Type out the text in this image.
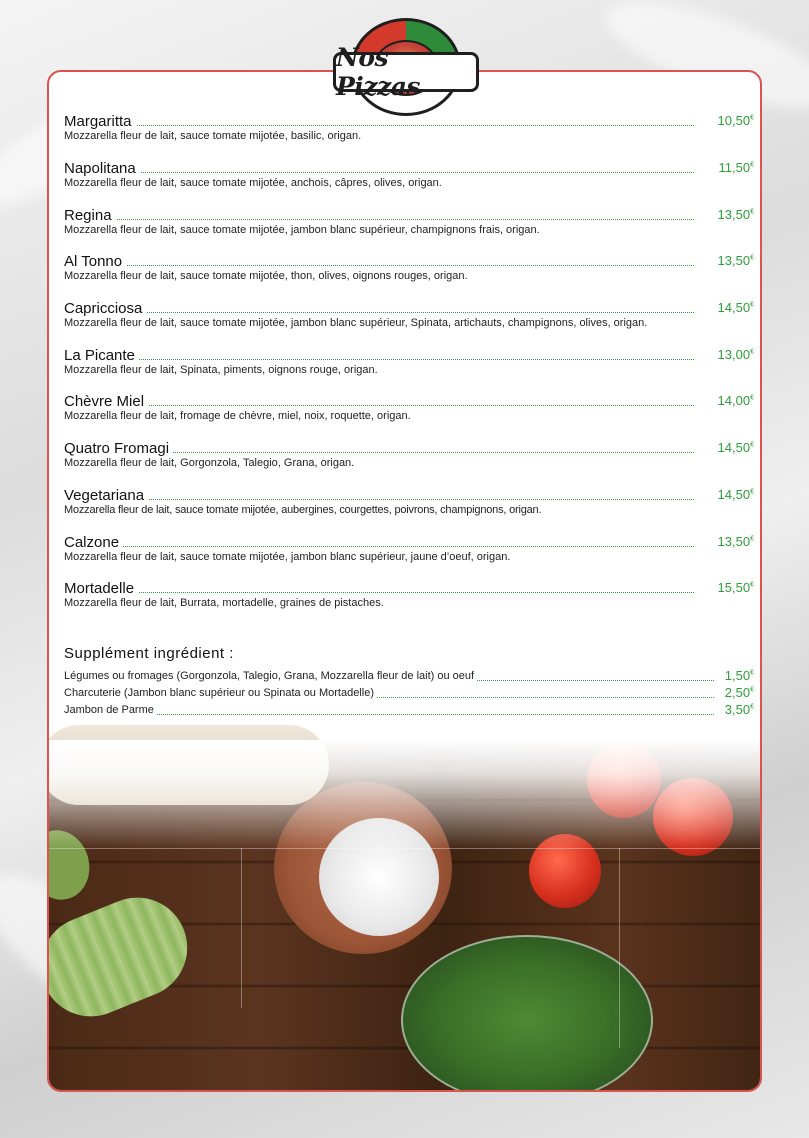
Nos Pizzas
Margaritta	10,50€
Mozzarella fleur de lait, sauce tomate mijotée, basilic, origan.
Napolitana	11,50€
Mozzarella fleur de lait, sauce tomate mijotée, anchois, câpres, olives, origan.
Regina	13,50€
Mozzarella fleur de lait, sauce tomate mijotée, jambon blanc supérieur, champignons frais, origan.
Al Tonno	13,50€
Mozzarella fleur de lait, sauce tomate mijotée, thon, olives, oignons rouges, origan.
Capricciosa	14,50€
Mozzarella fleur de lait, sauce tomate mijotée, jambon blanc supérieur, Spinata, artichauts, champignons, olives, origan.
La Picante	13,00€
Mozzarella fleur de lait, Spinata, piments, oignons rouge, origan.
Chèvre Miel	14,00€
Mozzarella fleur de lait, fromage de chèvre, miel, noix, roquette, origan.
Quatro Fromagi	14,50€
Mozzarella fleur de lait, Gorgonzola, Talegio, Grana, origan.
Vegetariana	14,50€
Mozzarella fleur de lait, sauce tomate mijotée, aubergines, courgettes, poivrons, champignons, origan.
Calzone	13,50€
Mozzarella fleur de lait, sauce tomate mijotée, jambon blanc supérieur, jaune d’oeuf, origan.
Mortadelle	15,50€
Mozzarella fleur de lait, Burrata, mortadelle, graines de pistaches.
Supplément ingrédient :
Légumes ou fromages (Gorgonzola, Talegio, Grana, Mozzarella fleur de lait) ou oeuf	1,50€
Charcuterie (Jambon blanc supérieur ou Spinata ou Mortadelle)	2,50€
Jambon de Parme	3,50€
